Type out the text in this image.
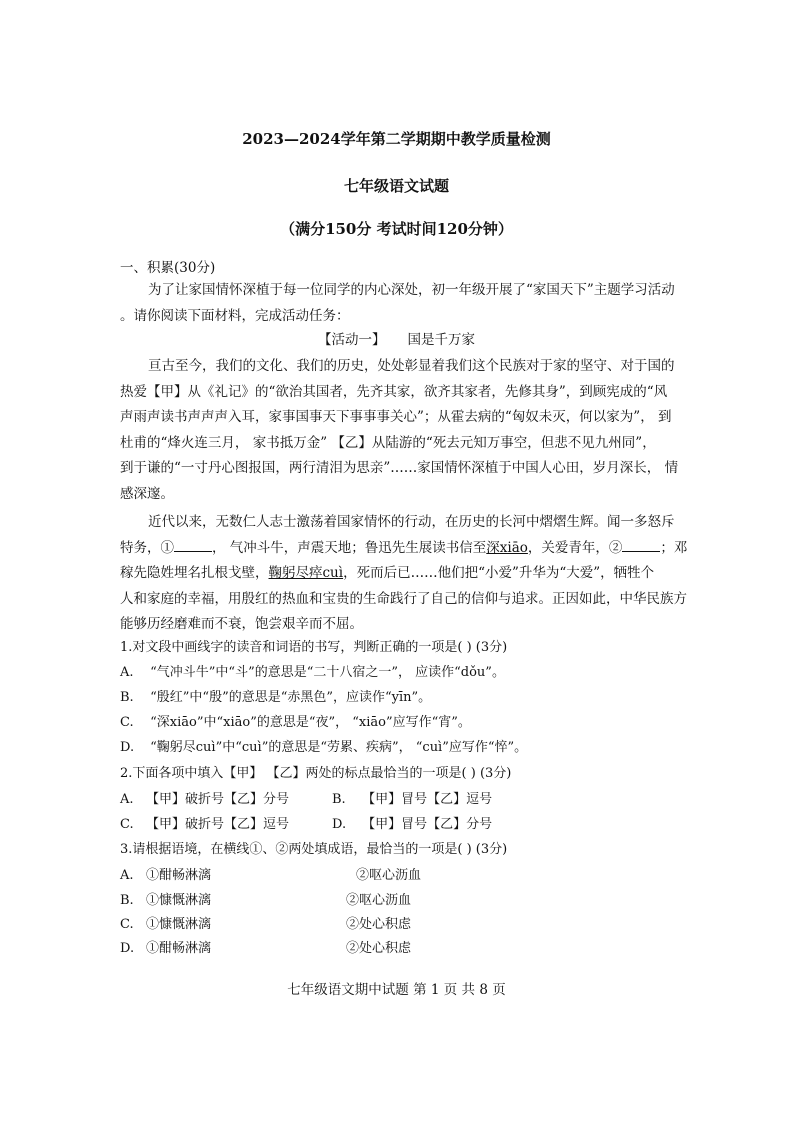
2023—2024学年第二学期期中教学质量检测
七年级语文试题
（满分150分 考试时间120分钟）
一、积累(30分)
为了让家国情怀深植于每一位同学的内心深处，初一年级开展了“家国天下”主题学习活动
。请你阅读下面材料，完成活动任务：
【活动一】 国是千万家
亘古至今，我们的文化、我们的历史，处处彰显着我们这个民族对于家的坚守、对于国的
热爱【甲】从《礼记》的“欲治其国者，先齐其家，欲齐其家者，先修其身”，到顾宪成的“风
声雨声读书声声声入耳，家事国事天下事事事关心”；从霍去病的“匈奴未灭，何以家为”， 到
杜甫的“烽火连三月， 家书抵万金” 【乙】从陆游的“死去元知万事空，但悲不见九州同”，
到于谦的“一寸丹心图报国，两行清泪为思亲”……家国情怀深植于中国人心田，岁月深长， 情
感深邃。
近代以来，无数仁人志士激荡着国家情怀的行动，在历史的长河中熠熠生辉。闻一多怒斥
特务，①	， 气冲斗牛，声震天地；鲁迅先生展读书信至深xiāo，关爱青年，②	；邓
稼先隐姓埋名扎根戈壁，鞠躬尽瘁cuì，死而后已……他们把“小爱”升华为“大爱”，牺牲个
人和家庭的幸福，用殷红的热血和宝贵的生命践行了自己的信仰与追求。正因如此，中华民族方
能够历经磨难而不衰，饱尝艰辛而不屈。
1.对文段中画线字的读音和词语的书写，判断正确的一项是( ) (3分)
A. “气冲斗牛”中“斗”的意思是“二十八宿之一”， 应读作“dǒu”。
B. “殷红”中“殷”的意思是“赤黑色”，应读作“yīn”。
C. “深xiāo”中“xiāo”的意思是“夜”， “xiāo”应写作“宵”。
D. “鞠躬尽cuì”中“cuì”的意思是“劳累、疾病”， “cuì”应写作“悴”。
2.下面各项中填入【甲】 【乙】两处的标点最恰当的一项是( ) (3分)
A.【甲】破折号【乙】分号	B. 【甲】冒号【乙】逗号
C.【甲】破折号【乙】逗号	D. 【甲】冒号【乙】分号
3.请根据语境，在横线①、②两处填成语，最恰当的一项是( ) (3分)
A. ①酣畅淋漓	②呕心沥血
B. ①慷慨淋漓	②呕心沥血
C. ①慷慨淋漓	②处心积虑
D. ①酣畅淋漓	②处心积虑
七年级语文期中试题 第 1 页 共 8 页
